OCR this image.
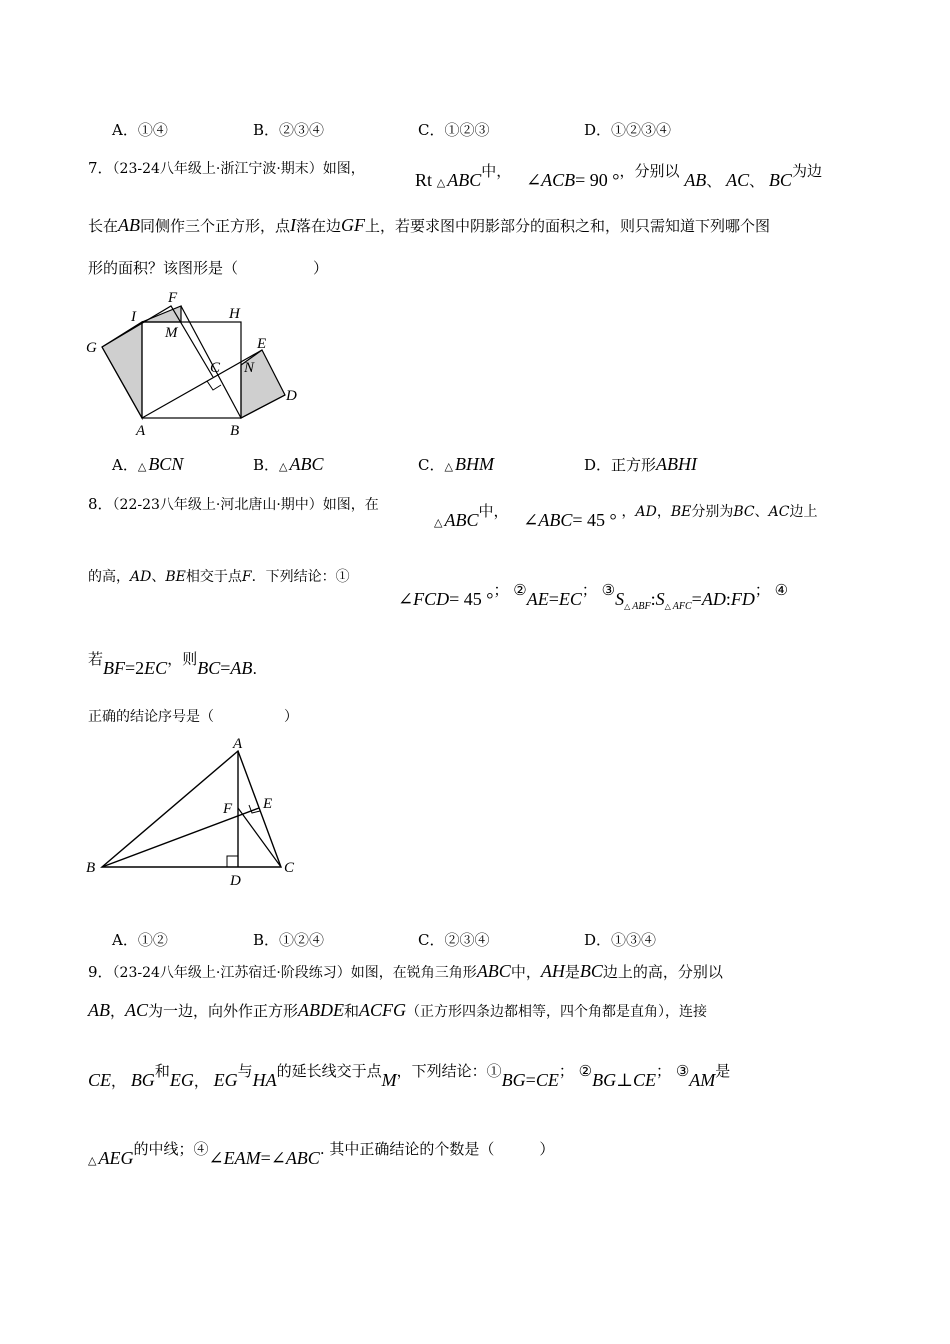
A．①④	B．②③④	C．①②③	D．①②③④
7．（23-24八年级上·浙江宁波·期末）如图，
Rt △ ABC中， ∠ACB= 90 °，分别以 AB、 AC、 BC为边
长在AB同侧作三个正方形，点I落在边GF上，若要求图中阴影部分的面积之和，则只需知道下列哪个图
形的面积？该图形是（　　　　　）
F
H
I
M
G
C
E
N
D
A	B
A．△ BCN	B．△ ABC	C．△ BHM	D．正方形ABHI
8．（22-23八年级上·河北唐山·期中）如图，在
△ ABC中， ∠ABC= 45 ° ，AD，BE分别为BC、AC边上
的高，AD、BE相交于点F．下列结论：①
∠FCD= 45 °； ②AE=EC； $③S_{\triangle ABF}:S_{\triangle AFC}=AD:FD$； ④
若BF=2EC，则BC=AB.
正确的结论序号是（　　　　　）
A
F E
B
D
C
A．①②	B．①②④	C．②③④	D．①③④
9．（23-24八年级上·江苏宿迁·阶段练习）如图，在锐角三角形ABC中，AH是BC边上的高，分别以
AB，AC为一边，向外作正方形ABDE和ACFG（正方形四条边都相等，四个角都是直角），连接
CE， BG和EG， EG与HA的延长线交于点M，下列结论：①BG=CE； ②BG⊥CE； ③AM是
△ AEG的中线；④∠EAM=∠ABC. 其中正确结论的个数是（　　　）
